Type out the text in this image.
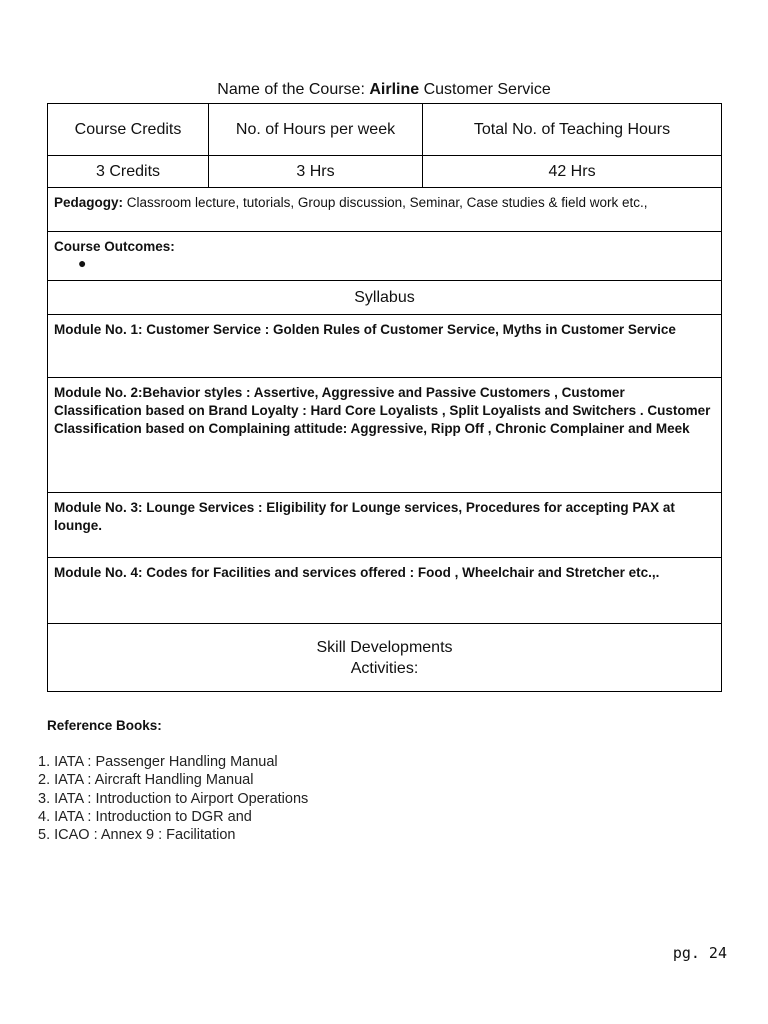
Name of the Course: Airline Customer Service
Course Credits	No. of Hours per week	Total No. of Teaching Hours
3 Credits	3 Hrs	42 Hrs
Pedagogy: Classroom lecture, tutorials, Group discussion, Seminar, Case studies & field work etc.,		

Course Outcomes:
●		

Syllabus		
Module No. 1: Customer Service : Golden Rules of Customer Service, Myths in Customer Service		
Module No. 2:Behavior styles : Assertive, Aggressive and Passive Customers , Customer Classification based on Brand Loyalty : Hard Core Loyalists , Split Loyalists and Switchers . Customer Classification based on Complaining attitude: Aggressive, Ripp Off , Chronic Complainer and Meek		
Module No. 3: Lounge Services : Eligibility for Lounge services, Procedures for accepting PAX at lounge.		
Module No. 4: Codes for Facilities and services offered : Food , Wheelchair and Stretcher etc.,.		

Skill Developments
Activities:		
Reference Books:
1. IATA : Passenger Handling Manual
2. IATA : Aircraft Handling Manual
3. IATA : Introduction to Airport Operations
4. IATA : Introduction to DGR and
5. ICAO : Annex 9 : Facilitation
pg. 24
